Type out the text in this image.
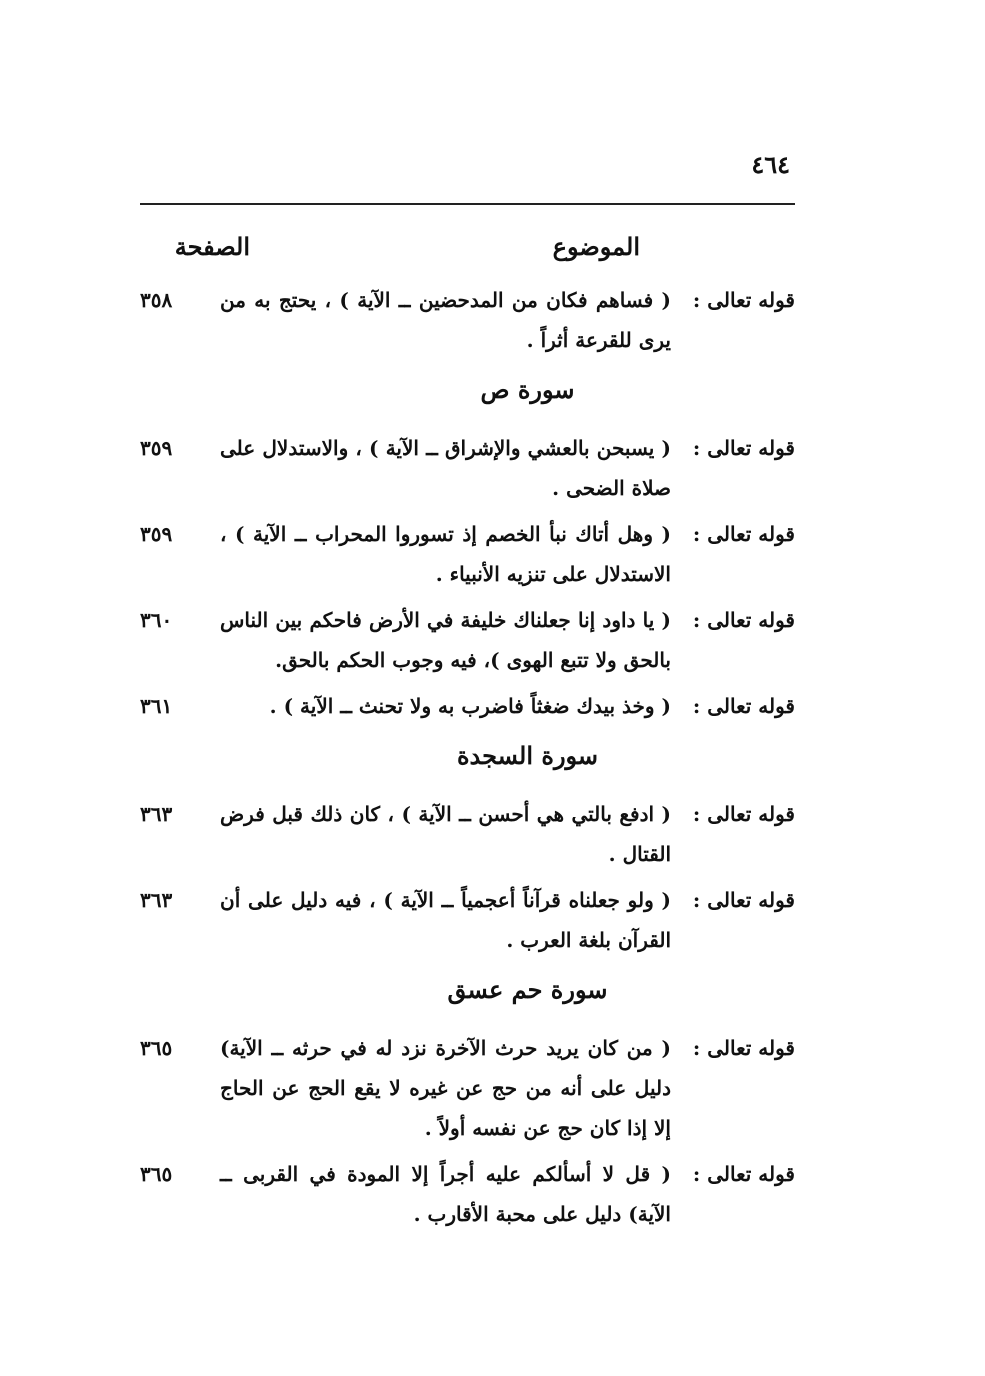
٤٦٤
الموضوع
الصفحة
قوله تعالى :
( فساهم فكان من المدحضين ــ الآية ) ، يحتج به من يرى للقرعة أثراً .
٣٥٨
سورة ص
قوله تعالى :
( يسبحن بالعشي والإشراق ــ الآية ) ، والاستدلال على صلاة الضحى .
٣٥٩
قوله تعالى :
( وهل أتاك نبأ الخصم إذ تسوروا المحراب ــ الآية ) ، الاستدلال على تنزيه الأنبياء .
٣٥٩
قوله تعالى :
( يا داود إنا جعلناك خليفة في الأرض فاحكم بين الناس بالحق ولا تتبع الهوى )، فيه وجوب الحكم بالحق.
٣٦٠
قوله تعالى :
( وخذ بيدك ضغثاً فاضرب به ولا تحنث ــ الآية ) .
٣٦١
سورة السجدة
قوله تعالى :
( ادفع بالتي هي أحسن ــ الآية ) ، كان ذلك قبل فرض القتال .
٣٦٣
قوله تعالى :
( ولو جعلناه قرآناً أعجمياً ــ الآية ) ، فيه دليل على أن القرآن بلغة العرب .
٣٦٣
سورة حم عسق
قوله تعالى :
( من كان يريد حرث الآخرة نزد له في حرثه ــ الآية) دليل على أنه من حج عن غيره لا يقع الحج عن الحاج إلا إذا كان حج عن نفسه أولاً .
٣٦٥
قوله تعالى :
( قل لا أسألكم عليه أجراً إلا المودة في القربى ــ الآية) دليل على محبة الأقارب .
٣٦٥
